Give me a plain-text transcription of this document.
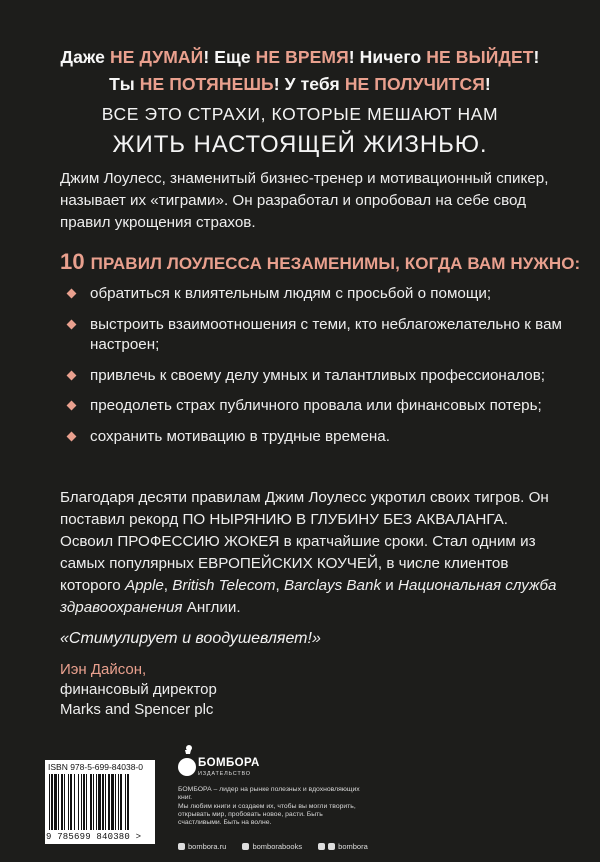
Даже НЕ ДУМАЙ! Еще НЕ ВРЕМЯ! Ничего НЕ ВЫЙДЕТ!
Ты НЕ ПОТЯНЕШЬ! У тебя НЕ ПОЛУЧИТСЯ!
ВСЕ ЭТО СТРАХИ, КОТОРЫЕ МЕШАЮТ НАМ
ЖИТЬ НАСТОЯЩЕЙ ЖИЗНЬЮ.
Джим Лоулесс, знаменитый бизнес-тренер и мотивационный спикер, называет их «тиграми». Он разработал и опробовал на себе свод правил укрощения страхов.
10 ПРАВИЛ ЛОУЛЕССА НЕЗАМЕНИМЫ, КОГДА ВАМ НУЖНО:
обратиться к влиятельным людям с просьбой о помощи;
выстроить взаимоотношения с теми, кто неблагожелательно к вам настроен;
привлечь к своему делу умных и талантливых профессионалов;
преодолеть страх публичного провала или финансовых потерь;
сохранить мотивацию в трудные времена.
Благодаря десяти правилам Джим Лоулесс укротил своих тигров. Он поставил рекорд ПО НЫРЯНИЮ В ГЛУБИНУ БЕЗ АКВАЛАНГА. Освоил ПРОФЕССИЮ ЖОКЕЯ в кратчайшие сроки. Стал одним из самых популярных ЕВРОПЕЙСКИХ КОУЧЕЙ, в числе клиентов которого Apple, British Telecom, Barclays Bank и Национальная служба здравоохранения Англии.
«Стимулирует и воодушевляет!»
Иэн Дайсон,
финансовый директор
Marks and Spencer plc
ISBN 978-5-699-84038-0
9 785699 840380 >
БОМБОРА
ИЗДАТЕЛЬСТВО
БОМБОРА – лидер на рынке полезных и вдохновляющих книг.
Мы любим книги и создаем их, чтобы вы могли творить, открывать мир, пробовать новое, расти. Быть счастливыми. Быть на волне.
bombora.ru	bomborabooks	bombora
